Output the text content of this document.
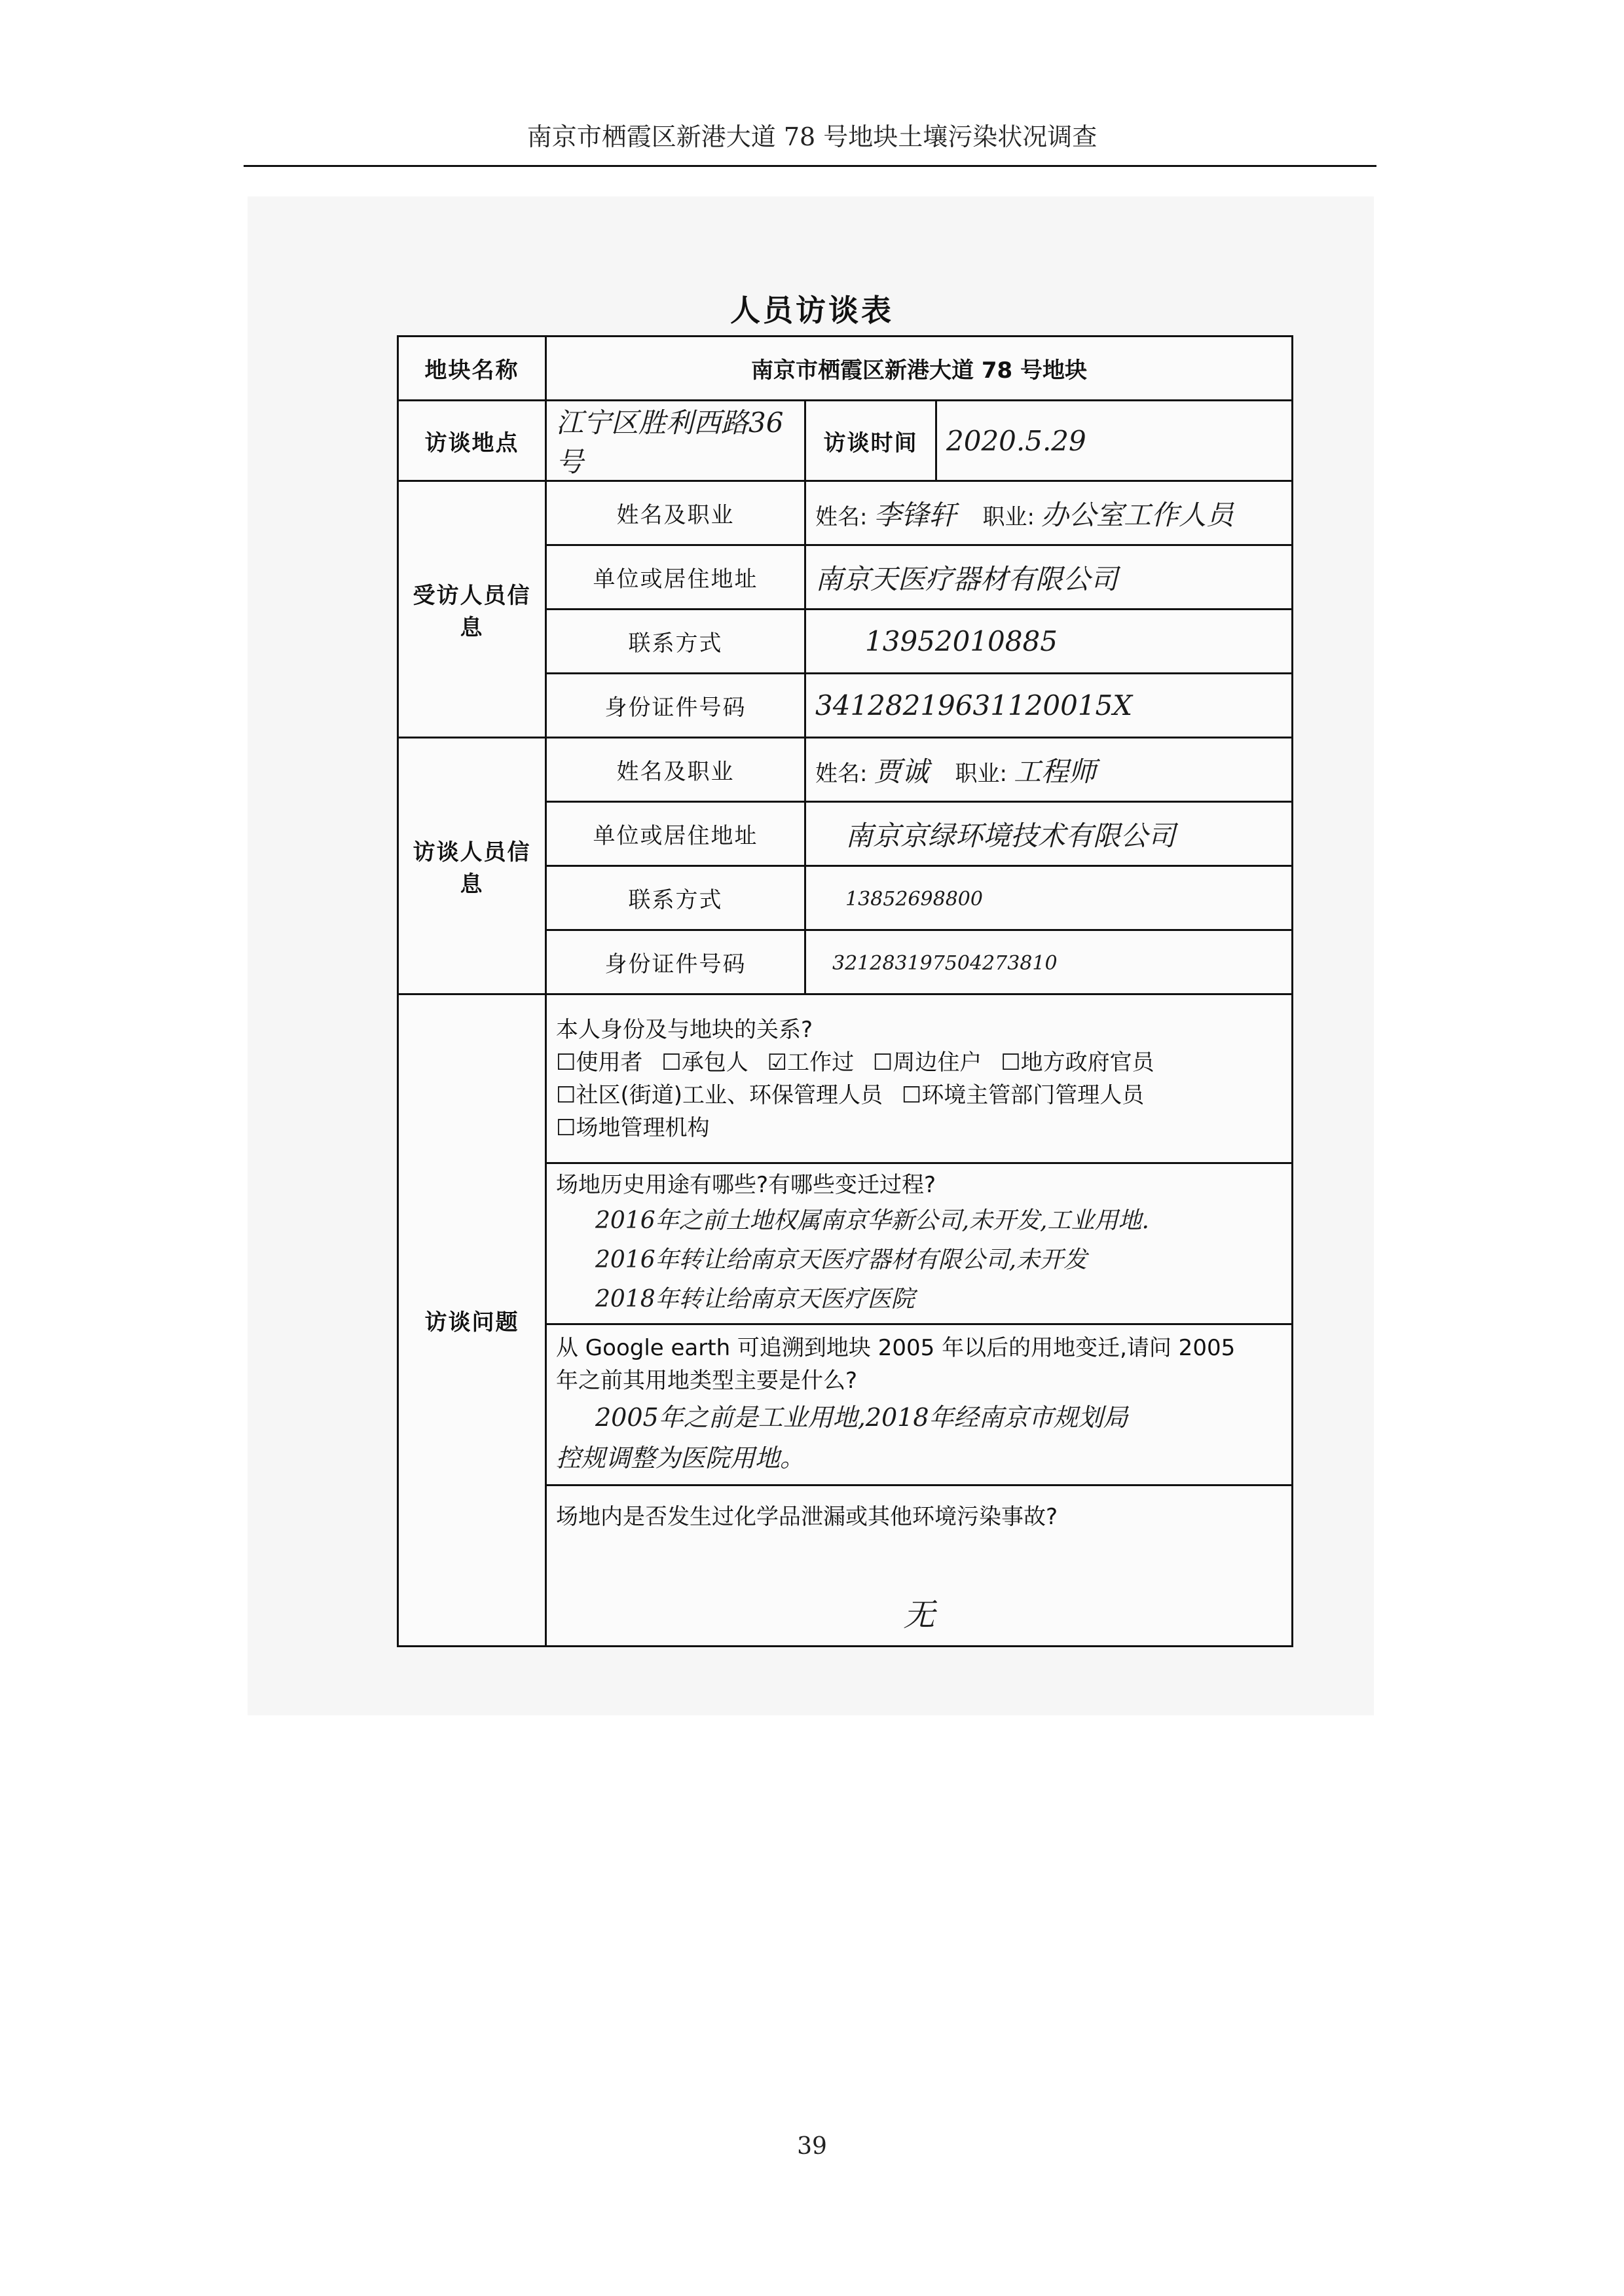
南京市栖霞区新港大道 78 号地块土壤污染状况调查
人员访谈表
地块名称	南京市栖霞区新港大道 78 号地块		
访谈地点	江宁区胜利西路36号	访谈时间	2020.5.29
受访人员信息	姓名及职业	姓名: 李锋轩 职业: 办公室工作人员	
	单位或居住地址	南京天医疗器材有限公司	
	联系方式	13952010885	
	身份证件号码	34128219631120015X	
访谈人员信息	姓名及职业	姓名: 贾诚 职业: 工程师	
	单位或居住地址	南京京绿环境技术有限公司	
	联系方式	13852698800	
	身份证件号码	321283197504273810	
访谈问题	本人身份及与地块的关系?
☐使用者 ☐承包人 ☑工作过 ☐周边住户 ☐地方政府官员
☐社区(街道)工业、环保管理人员 ☐环境主管部门管理人员
☐场地管理机构		

	场地历史用途有哪些?有哪些变迁过程?
2016年之前土地权属南京华新公司,未开发,工业用地.
2016年转让给南京天医疗器材有限公司,未开发
2018年转让给南京天医疗医院		

	从 Google earth 可追溯到地块 2005 年以后的用地变迁,请问 2005
年之前其用地类型主要是什么?
2005年之前是工业用地,2018年经南京市规划局
控规调整为医院用地。		

	场地内是否发生过化学品泄漏或其他环境污染事故?
无		
39
